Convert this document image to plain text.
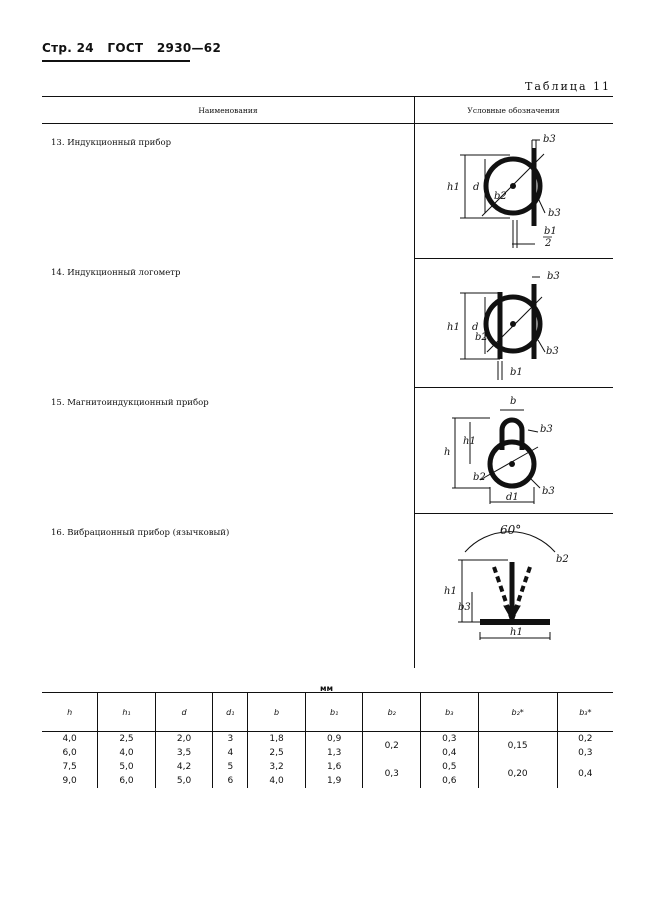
Стр. 24 ГОСТ 2930—62
Таблица 11
Наименования	Условные обозначения
13. Индукционный прибор
14. Индукционный логометр
15. Магнитоиндукционный прибор
16. Вибрационный прибор (язычковый)
b3
h1 d
b2
b3
b1
2
b3
h1 d
b2
b3
b1
b
b3
h1
h
b2
d1
b3
60°
b2
h1
b3
h1
мм
h	h₁	d	d₁	b	b₁	b₂	b₃	b₂*	b₃*
4,0	2,5	2,0	3	1,8	0,9	0,2	0,3	0,15	0,2
6,0	4,0	3,5	4	2,5	1,3		0,4		0,3
7,5	5,0	4,2	5	3,2	1,6	0,3	0,5	0,20	0,4
9,0	6,0	5,0	6	4,0	1,9		0,6		
